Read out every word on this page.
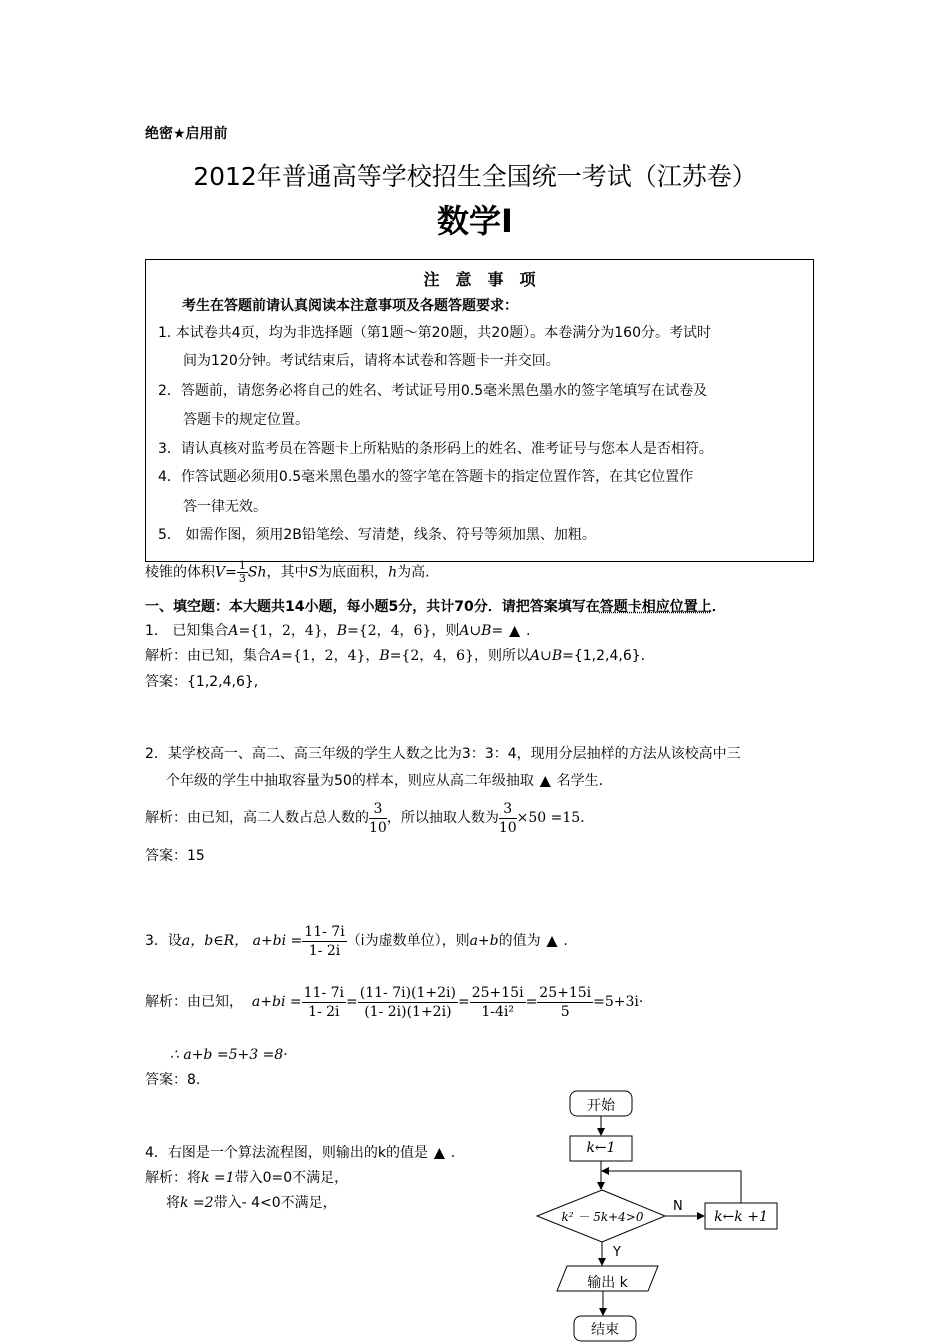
绝密★启用前
2012年普通高等学校招生全国统一考试（江苏卷）
数学Ⅰ
注　意　事　项
考生在答题前请认真阅读本注意事项及各题答题要求：
1. 本试卷共4页，均为非选择题（第1题～第20题，共20题）。本卷满分为160分。考试时
间为120分钟。考试结束后，请将本试卷和答题卡一并交回。
2．答题前，请您务必将自己的姓名、考试证号用0.5毫米黑色墨水的签字笔填写在试卷及
答题卡的规定位置。
3．请认真核对监考员在答题卡上所粘贴的条形码上的姓名、准考证号与您本人是否相符。
4．作答试题必须用0.5毫米黑色墨水的签字笔在答题卡的指定位置作答，在其它位置作
答一律无效。
5． 如需作图，须用2B铅笔绘、写清楚，线条、符号等须加黑、加粗。
棱锥的体积$V= \frac{1}{3}$ Sh，其中S为底面积，h为高.
一、填空题：本大题共14小题，每小题5分，共计70分．请把答案填写在答题卡相应位置上．
1． 已知集合A={1，2，4}，B={2，4，6}，则A∪B= ▲ .
解析：由已知，集合A={1，2，4}，B={2，4，6}，则所以A∪B={1,2,4,6}.
答案：{1,2,4,6},
2．某学校高一、高二、高三年级的学生人数之比为3：3：4，现用分层抽样的方法从该校高中三
个年级的学生中抽取容量为50的样本，则应从高二年级抽取 ▲ 名学生．
解析：由已知，高二人数占总人数的 $\frac{3}{10}$ ，所以抽取人数为 $\frac{3}{10} \times 50 =15$．
答案：15
3．设a，b∈R， $a+bi = \frac{11- 7i}{1- 2i} (i$为虚数单位），则a+b的值为 ▲ .
解析：由已知， $a+bi = \frac{11- 7i}{1- 2i} = \frac{(11- 7i)(1+2i)}{(1- 2i)(1+2i)} = \frac{25+15i}{\text{1-4i²}} = \frac{25+15i}{5} =5+3i\cdot$
∴ a+b =5+3 =8·
答案：8.
4．右图是一个算法流程图，则输出的k的值是 ▲ .
解析：将k =1带入0=0不满足，
将k =2带入- 4<0不满足，
开始
k←1
k² － 5k+4>0
N
Y
k←k +1
输出 k
结束
